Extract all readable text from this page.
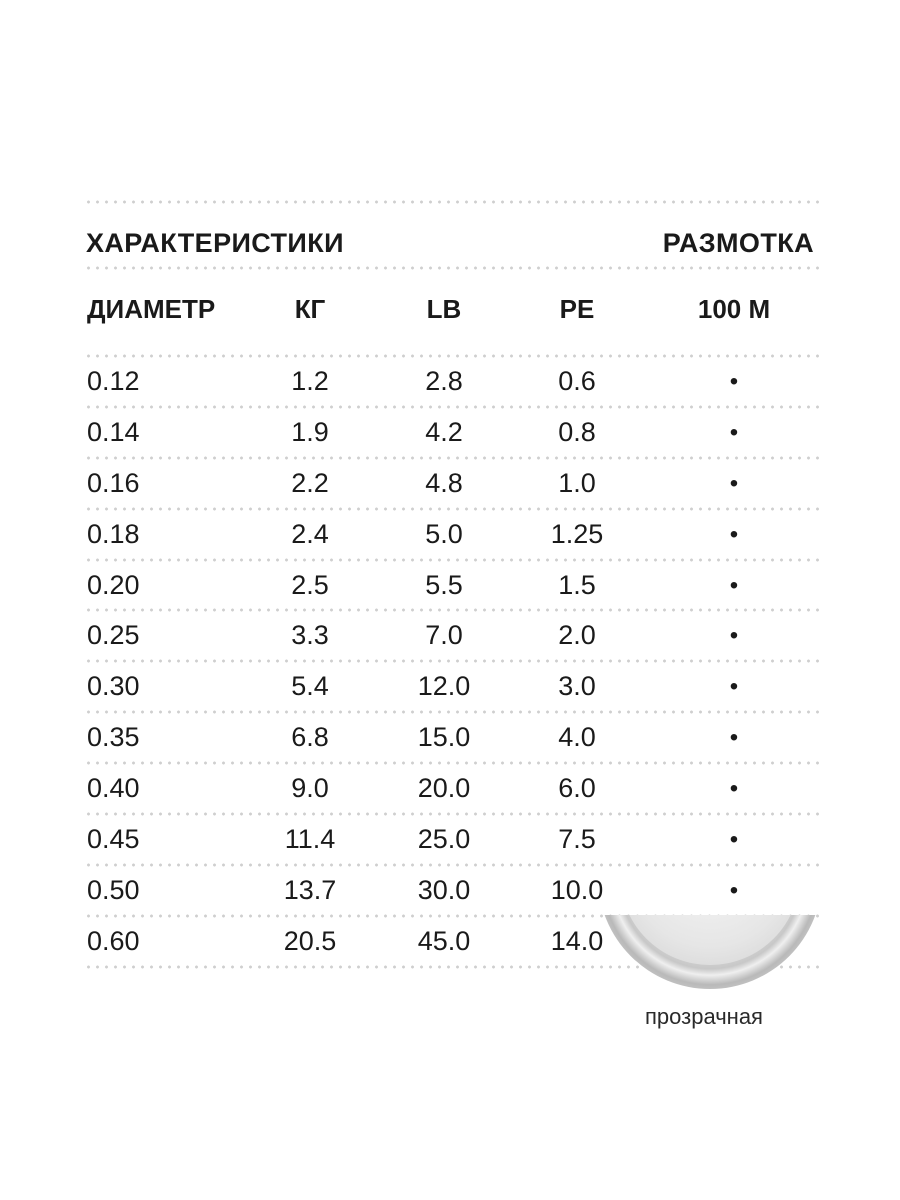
ХАРАКТЕРИСТИКИ	РАЗМОТКА
ДИАМЕТР	КГ	LB	PE	100 М
0.12	1.2	2.8	0.6	•
0.14	1.9	4.2	0.8	•
0.16	2.2	4.8	1.0	•
0.18	2.4	5.0	1.25	•
0.20	2.5	5.5	1.5	•
0.25	3.3	7.0	2.0	•
0.30	5.4	12.0	3.0	•
0.35	6.8	15.0	4.0	•
0.40	9.0	20.0	6.0	•
0.45	11.4	25.0	7.5	•
0.50	13.7	30.0	10.0	•
0.60	20.5	45.0	14.0
прозрачная
